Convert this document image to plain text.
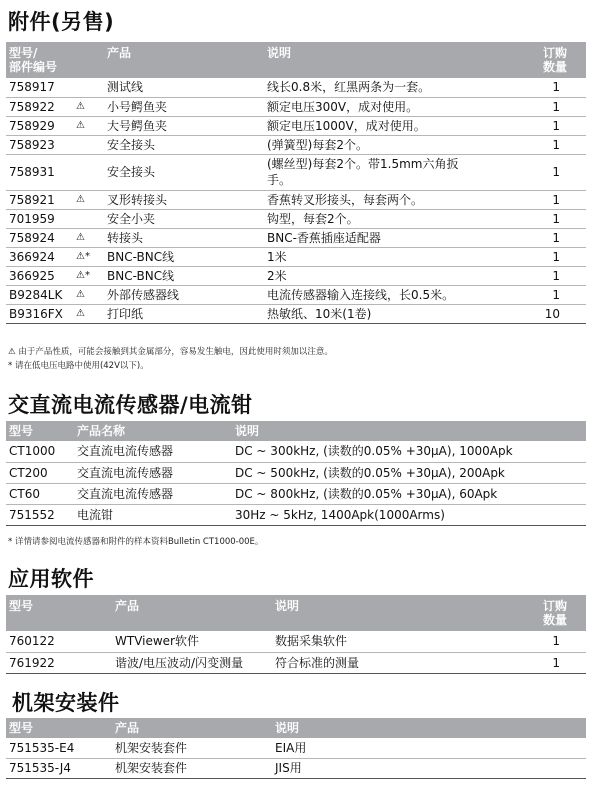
附件(另售)
型号/
部件编号		产品	说明	订购
数量
758917		测试线	线长0.8米，红黑两条为一套。	1
758922	⚠	小号鳄鱼夹	额定电压300V，成对使用。	1
758929	⚠	大号鳄鱼夹	额定电压1000V，成对使用。	1
758923		安全接头	(弹簧型)每套2个。	1
758931		安全接头	(螺丝型)每套2个。带1.5mm六角扳手。	1
758921	⚠	叉形转接头	香蕉转叉形接头，每套两个。	1
701959		安全小夹	钩型，每套2个。	1
758924	⚠	转接头	BNC-香蕉插座适配器	1
366924	⚠*	BNC-BNC线	1米	1
366925	⚠*	BNC-BNC线	2米	1
B9284LK	⚠	外部传感器线	电流传感器输入连接线，长0.5米。	1
B9316FX	⚠	打印纸	热敏纸、10米(1卷)	10
⚠ 由于产品性质，可能会接触到其金属部分，容易发生触电，因此使用时须加以注意。
* 请在低电压电路中使用(42V以下)。
交直流电流传感器/电流钳
型号	产品名称	说明
CT1000	交直流电流传感器	DC ~ 300kHz, (读数的0.05% +30μA), 1000Apk
CT200	交直流电流传感器	DC ~ 500kHz, (读数的0.05% +30μA), 200Apk
CT60	交直流电流传感器	DC ~ 800kHz, (读数的0.05% +30μA), 60Apk
751552	电流钳	30Hz ~ 5kHz, 1400Apk(1000Arms)
* 详情请参阅电流传感器和附件的样本资料Bulletin CT1000-00E。
应用软件
型号	产品	说明	订购
数量
760122	WTViewer软件	数据采集软件	1
761922	谐波/电压波动/闪变测量	符合标准的测量	1
机架安装件
型号	产品	说明
751535-E4	机架安装套件	EIA用
751535-J4	机架安装套件	JIS用
